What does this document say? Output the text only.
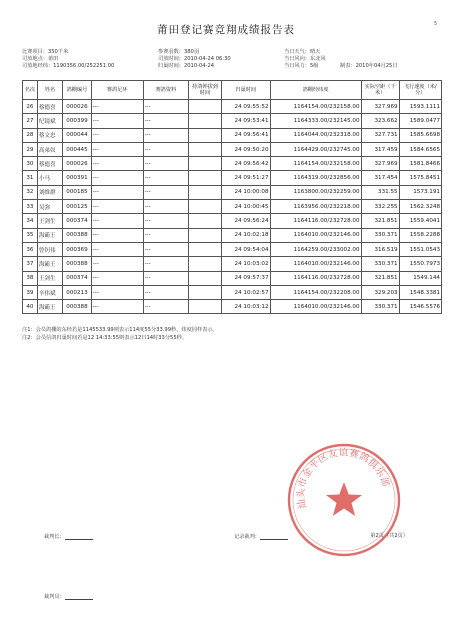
5
莆田登记赛竞翔成绩报告表
比赛项目：350千米
司放地点：莆田
司放地经纬：1190356.00/252251.00
参赛羽数：380羽
司放时间：2010-04-24 06:30
归巢时间：2010-04-24
当日天气：晴天
当日风向：东北风
当日风力：5级	制表：2010年04月25日
名次	姓名	鸽棚编号	赛鸽足环	赛鸽资料	持鸽钟拔到时间	归巢时间	鸽棚经纬度	实际空距（千米）	飞行速度（米/分）
26	蔡德喜	000026	---	---		24 09:55:52	1164154.00/232158.00	327.969	1593.1111
27	纪镜斌	000399	---	---		24 09:53:41	1164333.00/232145.00	323.662	1589.0477
28	蔡文忠	000044	---	---		24 09:56:41	1164044.00/232318.00	327.731	1585.6698
29	高弟奴	000445	---	---		24 09:50:20	1164429.00/232745.00	317.459	1584.6565
30	蔡德喜	000026	---	---		24 09:56:42	1164154.00/232158.00	327.969	1581.8466
31	小马	000391	---	---		24 09:51:27	1164319.00/232856.00	317.454	1575.8451
32	刘维群	000185	---	---		24 10:00:08	1163800.00/232259.00	331.55	1573.191
33	吴弥	000125	---	---		24 10:00:45	1163956.00/232218.00	332.255	1562.3248
34	王剑生	000374	---	---		24 09:56:24	1164116.00/232728.00	321.851	1559.4041
35	海霸王	000388	---	---		24 10:02:18	1164010.00/232146.00	330.371	1558.2288
36	曾钊伟	000369	---	---		24 09:54:04	1164259.00/233002.00	316.519	1551.0543
37	海霸王	000388	---	---		24 10:03:02	1164010.00/232146.00	330.371	1550.7973
38	王剑生	000374	---	---		24 09:57:37	1164116.00/232728.00	321.851	1549.144
39	辛伟斌	000213	---	---		24 10:02:57	1164154.00/232208.00	329.203	1548.3381
40	海霸王	000388	---	---		24 10:03:12	1164010.00/232146.00	330.371	1546.5576
注1：会员鸽棚的东经若是1145533.99则表示114度55分33.99秒，纬度同样表示。
注2：会员信鸽归巢时间若是12 14:33:55则表示12日14时33分55秒。
汕头市金平区友谊赛鸽俱乐部
裁判长：	记录裁判：
裁判员：
第2页（共2页）
